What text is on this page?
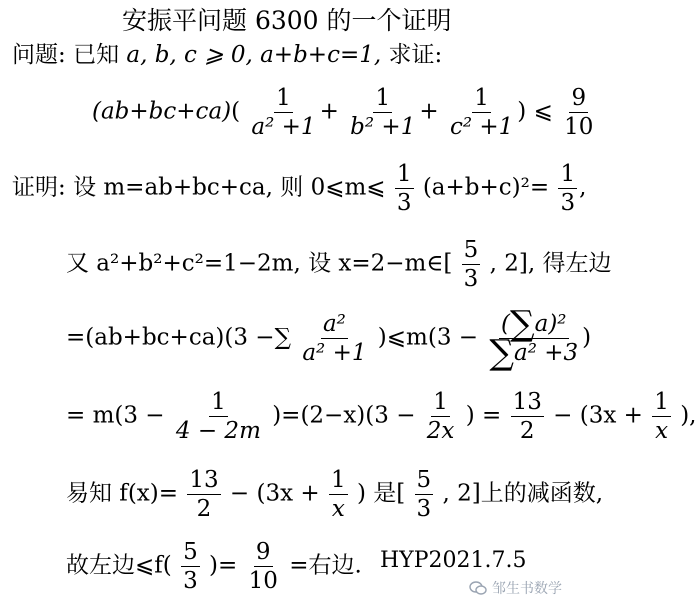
安振平问题 6300 的一个证明
问题: 已知 a, b, c ⩾ 0, a+b+c=1, 求证:
$(ab+bc+ca)( \frac{1}{\text{a² +1}} + \frac{1}{\text{b² +1}} + \frac{1}{\text{c² +1}}$ ) ⩽ $\frac{9}{10}$
证明: 设 m=ab+bc+ca, 则 0⩽m⩽ $\frac{1}{3} (a+b+c)^2= \frac{1}{3}$ ,
又 a²+b²+c²=1−2m, 设 x=2−m∈[ $\frac{5}{3}$ , 2], 得左边
=(ab+bc+ca)(3 −∑ $\frac{\text{a²}}{\text{a² +1}}$ )⩽m(3 − $\frac{\text{(∑a)²}}{\text{∑a² +3}}$ )
= $m(3 - \frac{1}{4 - 2m} )=(2-x)(3 - \frac{1}{2x}$ ) = $\frac{13}{2} - (3x + \frac{1}{x}$ ),
易知 $f(x)= \frac{13}{2} - (3x + \frac{1}{x}$ ) 是[ $\frac{5}{3}$ , 2]上的减函数,
故左边⩽f( $\frac{5}{3}$ )= $\frac{9}{10}$ =右边. HYP2021.7.5
邹生书数学
